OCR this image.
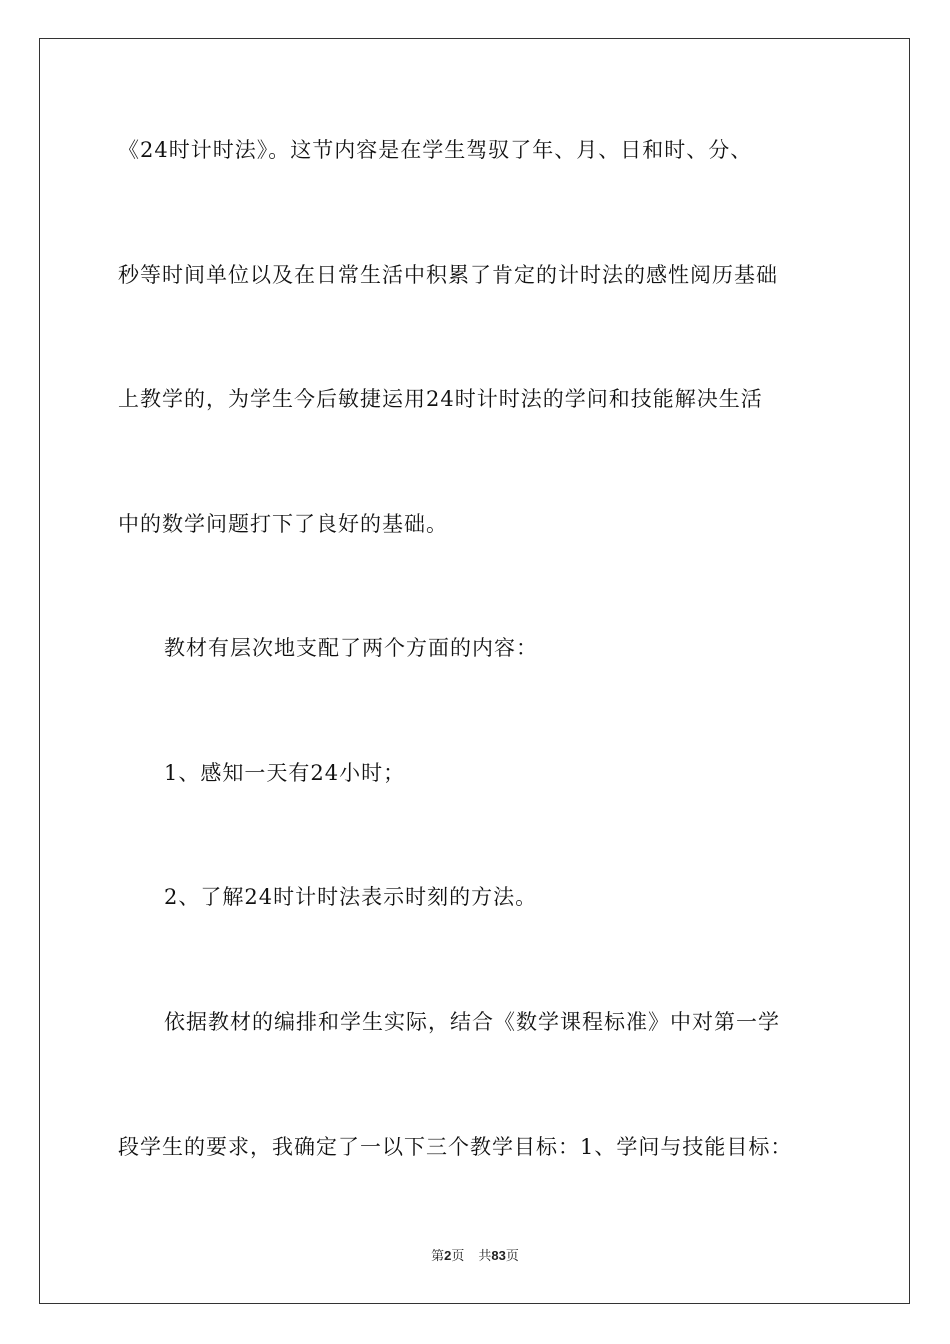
《24时计时法》。这节内容是在学生驾驭了年、月、日和时、分、
秒等时间单位以及在日常生活中积累了肯定的计时法的感性阅历基础
上教学的，为学生今后敏捷运用24时计时法的学问和技能解决生活
中的数学问题打下了良好的基础。
教材有层次地支配了两个方面的内容：
1、感知一天有24小时；
2、了解24时计时法表示时刻的方法。
依据教材的编排和学生实际，结合《数学课程标准》中对第一学
段学生的要求，我确定了一以下三个教学目标：1、学问与技能目标：
第2页 共83页
